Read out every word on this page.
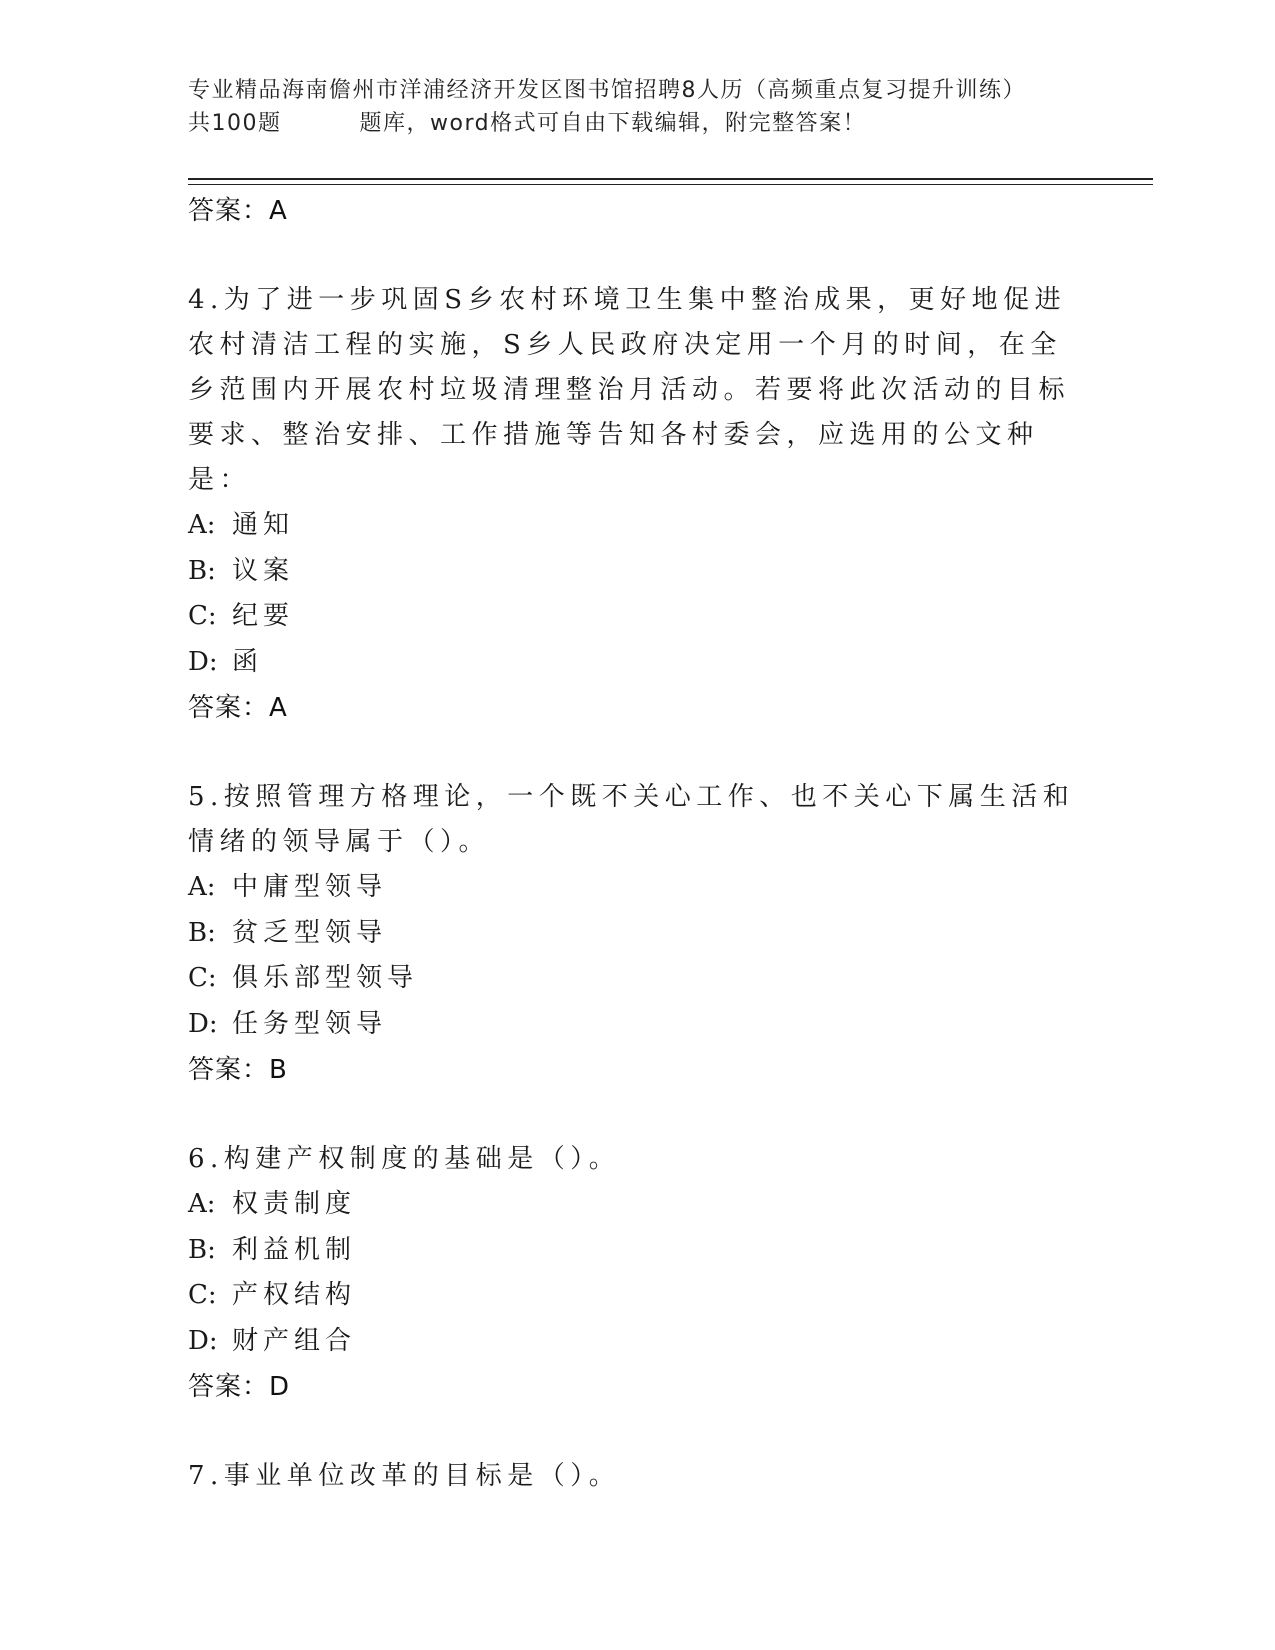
专业精品海南儋州市洋浦经济开发区图书馆招聘8人历（高频重点复习提升训练）
共100题	题库，word格式可自由下载编辑，附完整答案！
答案：A
4.为了进一步巩固S乡农村环境卫生集中整治成果，更好地促进农村清洁工程的实施，S乡人民政府决定用一个月的时间，在全乡范围内开展农村垃圾清理整治月活动。若要将此次活动的目标要求、整治安排、工作措施等告知各村委会，应选用的公文种是：
A: 通知
B: 议案
C: 纪要
D: 函
答案：A
5.按照管理方格理论，一个既不关心工作、也不关心下属生活和情绪的领导属于（）。
A: 中庸型领导
B: 贫乏型领导
C: 俱乐部型领导
D: 任务型领导
答案：B
6.构建产权制度的基础是（）。
A: 权责制度
B: 利益机制
C: 产权结构
D: 财产组合
答案：D
7.事业单位改革的目标是（）。
